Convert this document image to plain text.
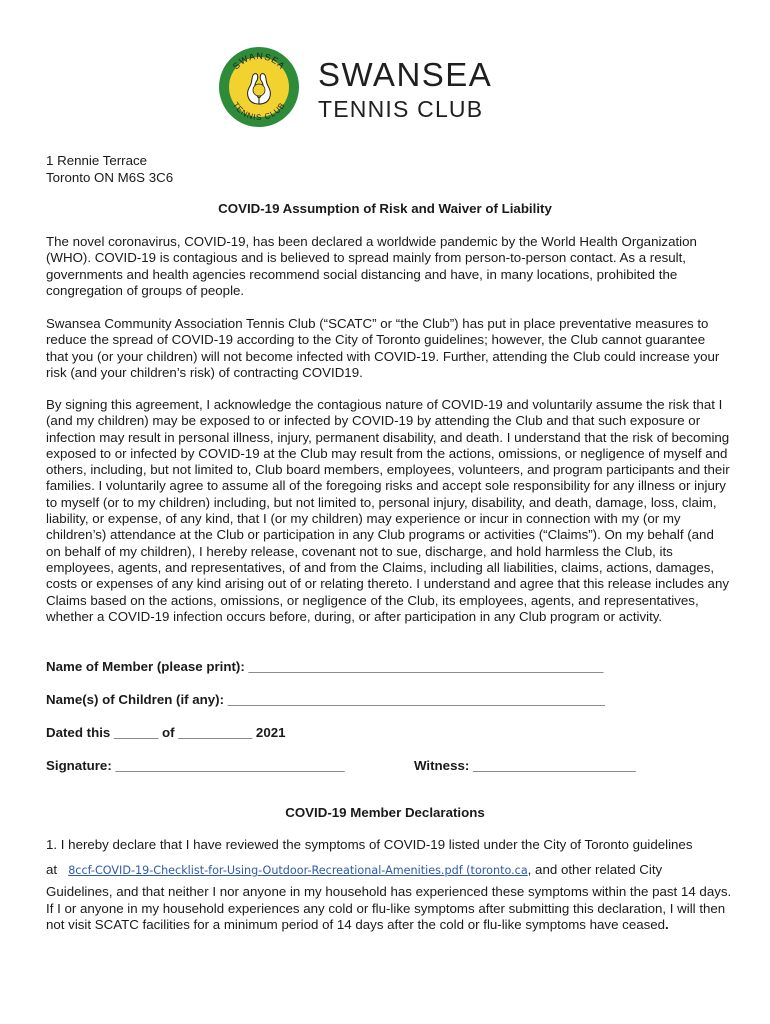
SWANSEA
TENNIS CLUB
SWANSEA
TENNIS CLUB
1 Rennie Terrace
Toronto ON M6S 3C6
COVID-19 Assumption of Risk and Waiver of Liability
The novel coronavirus, COVID-19, has been declared a worldwide pandemic by the World Health Organization (WHO). COVID-19 is contagious and is believed to spread mainly from person-to-person contact. As a result, governments and health agencies recommend social distancing and have, in many locations, prohibited the congregation of groups of people.
Swansea Community Association Tennis Club (“SCATC” or “the Club”) has put in place preventative measures to reduce the spread of COVID-19 according to the City of Toronto guidelines; however, the Club cannot guarantee that you (or your children) will not become infected with COVID-19. Further, attending the Club could increase your risk (and your children’s risk) of contracting COVID19.
By signing this agreement, I acknowledge the contagious nature of COVID-19 and voluntarily assume the risk that I (and my children) may be exposed to or infected by COVID-19 by attending the Club and that such exposure or infection may result in personal illness, injury, permanent disability, and death. I understand that the risk of becoming exposed to or infected by COVID-19 at the Club may result from the actions, omissions, or negligence of myself and others, including, but not limited to, Club board members, employees, volunteers, and program participants and their families. I voluntarily agree to assume all of the foregoing risks and accept sole responsibility for any illness or injury to myself (or to my children) including, but not limited to, personal injury, disability, and death, damage, loss, claim, liability, or expense, of any kind, that I (or my children) may experience or incur in connection with my (or my children’s) attendance at the Club or participation in any Club programs or activities (“Claims”). On my behalf (and on behalf of my children), I hereby release, covenant not to sue, discharge, and hold harmless the Club, its employees, agents, and representatives, of and from the Claims, including all liabilities, claims, actions, damages, costs or expenses of any kind arising out of or relating thereto. I understand and agree that this release includes any Claims based on the actions, omissions, or negligence of the Club, its employees, agents, and representatives, whether a COVID-19 infection occurs before, during, or after participation in any Club program or activity.
Name of Member (please print): ________________________________________________
Name(s) of Children (if any): ___________________________________________________
Dated this ______ of __________ 2021
Signature: _______________________________	Witness: ______________________
COVID-19 Member Declarations
1. I hereby declare that I have reviewed the symptoms of COVID-19 listed under the City of Toronto guidelines
at 8ccf-COVID-19-Checklist-for-Using-Outdoor-Recreational-Amenities.pdf (toronto.ca, and other related City
Guidelines, and that neither I nor anyone in my household has experienced these symptoms within the past 14 days. If I or anyone in my household experiences any cold or flu-like symptoms after submitting this declaration, I will then not visit SCATC facilities for a minimum period of 14 days after the cold or flu-like symptoms have ceased.
